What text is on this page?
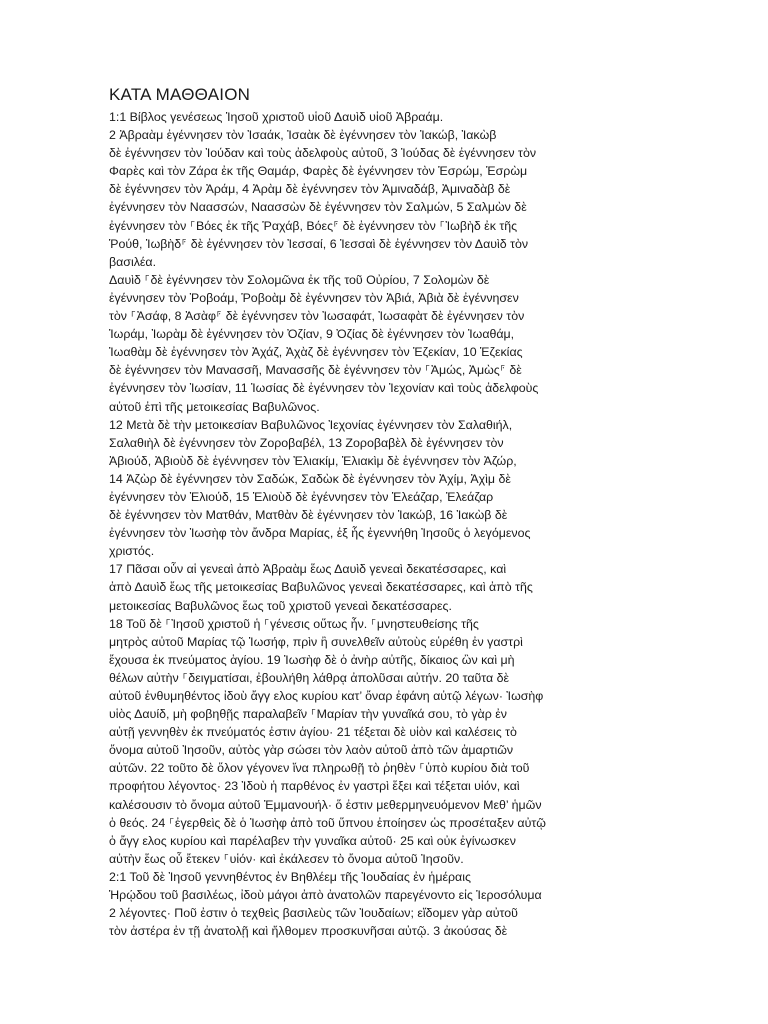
ΚΑΤΑ ΜΑΘΘΑΙΟΝ

1:1 Βίβλος γενέσεως Ἰησοῦ χριστοῦ υἱοῦ Δαυὶδ υἱοῦ Ἀβραάμ.

2 Ἀβραὰμ ἐγέννησεν τὸν Ἰσαάκ, Ἰσαὰκ δὲ ἐγέννησεν τὸν Ἰακώβ, Ἰακὼβ

δὲ ἐγέννησεν τὸν Ἰούδαν καὶ τοὺς ἀδελφοὺς αὐτοῦ, 3 Ἰούδας δὲ ἐγέννησεν τὸν

Φαρὲς καὶ τὸν Ζάρα ἐκ τῆς Θαμάρ, Φαρὲς δὲ ἐγέννησεν τὸν Ἑσρώμ, Ἑσρὼμ

δὲ ἐγέννησεν τὸν Ἀράμ, 4 Ἀρὰμ δὲ ἐγέννησεν τὸν Ἀμιναδάβ, Ἀμιναδὰβ δὲ

ἐγέννησεν τὸν Ναασσών, Ναασσὼν δὲ ἐγέννησεν τὸν Σαλμών, 5 Σαλμὼν δὲ

ἐγέννησεν τὸν ⸀Βόες ἐκ τῆς Ῥαχάβ, Βόες⸁ δὲ ἐγέννησεν τὸν ⸀Ἰωβὴδ ἐκ τῆς

Ῥούθ, Ἰωβὴδ⸁ δὲ ἐγέννησεν τὸν Ἰεσσαί, 6 Ἰεσσαὶ δὲ ἐγέννησεν τὸν Δαυὶδ τὸν

βασιλέα.

Δαυὶδ ⸀δὲ ἐγέννησεν τὸν Σολομῶνα ἐκ τῆς τοῦ Οὐρίου, 7 Σολομὼν δὲ

ἐγέννησεν τὸν Ῥοβοάμ, Ῥοβοὰμ δὲ ἐγέννησεν τὸν Ἀβιά, Ἀβιὰ δὲ ἐγέννησεν

τὸν ⸀Ἀσάφ, 8 Ἀσὰφ⸁ δὲ ἐγέννησεν τὸν Ἰωσαφάτ, Ἰωσαφὰτ δὲ ἐγέννησεν τὸν

Ἰωράμ, Ἰωρὰμ δὲ ἐγέννησεν τὸν Ὀζίαν, 9 Ὀζίας δὲ ἐγέννησεν τὸν Ἰωαθάμ,

Ἰωαθὰμ δὲ ἐγέννησεν τὸν Ἀχάζ, Ἀχὰζ δὲ ἐγέννησεν τὸν Ἑζεκίαν, 10 Ἑζεκίας

δὲ ἐγέννησεν τὸν Μανασσῆ, Μανασσῆς δὲ ἐγέννησεν τὸν ⸀Ἀμώς, Ἀμὼς⸁ δὲ

ἐγέννησεν τὸν Ἰωσίαν, 11 Ἰωσίας δὲ ἐγέννησεν τὸν Ἰεχονίαν καὶ τοὺς ἀδελφοὺς

αὐτοῦ ἐπὶ τῆς μετοικεσίας Βαβυλῶνος.

12 Μετὰ δὲ τὴν μετοικεσίαν Βαβυλῶνος Ἰεχονίας ἐγέννησεν τὸν Σαλαθιήλ,

Σαλαθιὴλ δὲ ἐγέννησεν τὸν Ζοροβαβέλ, 13 Ζοροβαβὲλ δὲ ἐγέννησεν τὸν

Ἀβιούδ, Ἀβιοὺδ δὲ ἐγέννησεν τὸν Ἐλιακίμ, Ἐλιακὶμ δὲ ἐγέννησεν τὸν Ἀζώρ,

14 Ἀζὼρ δὲ ἐγέννησεν τὸν Σαδώκ, Σαδὼκ δὲ ἐγέννησεν τὸν Ἀχίμ, Ἀχὶμ δὲ

ἐγέννησεν τὸν Ἐλιούδ, 15 Ἐλιοὺδ δὲ ἐγέννησεν τὸν Ἐλεάζαρ, Ἐλεάζαρ

δὲ ἐγέννησεν τὸν Ματθάν, Ματθὰν δὲ ἐγέννησεν τὸν Ἰακώβ, 16 Ἰακὼβ δὲ

ἐγέννησεν τὸν Ἰωσὴφ τὸν ἄνδρα Μαρίας, ἐξ ἧς ἐγεννήθη Ἰησοῦς ὁ λεγόμενος

χριστός.

17 Πᾶσαι οὖν αἱ γενεαὶ ἀπὸ Ἀβραὰμ ἕως Δαυὶδ γενεαὶ δεκατέσσαρες, καὶ

ἀπὸ Δαυὶδ ἕως τῆς μετοικεσίας Βαβυλῶνος γενεαὶ δεκατέσσαρες, καὶ ἀπὸ τῆς

μετοικεσίας Βαβυλῶνος ἕως τοῦ χριστοῦ γενεαὶ δεκατέσσαρες.

18 Τοῦ δὲ ⸀Ἰησοῦ χριστοῦ ἡ ⸀γένεσις οὕτως ἦν. ⸀μνηστευθείσης τῆς

μητρὸς αὐτοῦ Μαρίας τῷ Ἰωσήφ, πρὶν ἢ συνελθεῖν αὐτοὺς εὑρέθη ἐν γαστρὶ

ἔχουσα ἐκ πνεύματος ἁγίου. 19 Ἰωσὴφ δὲ ὁ ἀνὴρ αὐτῆς, δίκαιος ὢν καὶ μὴ

θέλων αὐτὴν ⸀δειγματίσαι, ἐβουλήθη λάθρᾳ ἀπολῦσαι αὐτήν. 20 ταῦτα δὲ

αὐτοῦ ἐνθυμηθέντος ἰδοὺ ἄγγ ελος κυρίου κατ’ ὄναρ ἐφάνη αὐτῷ λέγων· Ἰωσὴφ

υἱὸς Δαυίδ, μὴ φοβηθῇς παραλαβεῖν ⸀Μαρίαν τὴν γυναῖκά σου, τὸ γὰρ ἐν

αὐτῇ γεννηθὲν ἐκ πνεύματός ἐστιν ἁγίου· 21 τέξεται δὲ υἱὸν καὶ καλέσεις τὸ

ὄνομα αὐτοῦ Ἰησοῦν, αὐτὸς γὰρ σώσει τὸν λαὸν αὐτοῦ ἀπὸ τῶν ἁμαρτιῶν

αὐτῶν. 22 τοῦτο δὲ ὅλον γέγονεν ἵνα πληρωθῇ τὸ ῥηθὲν ⸀ὑπὸ κυρίου διὰ τοῦ

προφήτου λέγοντος· 23 Ἰδοὺ ἡ παρθένος ἐν γαστρὶ ἕξει καὶ τέξεται υἱόν, καὶ

καλέσουσιν τὸ ὄνομα αὐτοῦ Ἐμμανουήλ· ὅ ἐστιν μεθερμηνευόμενον Μεθ’ ἡμῶν

ὁ θεός. 24 ⸀ἐγερθεὶς δὲ ὁ Ἰωσὴφ ἀπὸ τοῦ ὕπνου ἐποίησεν ὡς προσέταξεν αὐτῷ

ὁ ἄγγ ελος κυρίου καὶ παρέλαβεν τὴν γυναῖκα αὐτοῦ· 25 καὶ οὐκ ἐγίνωσκεν

αὐτὴν ἕως οὗ ἔτεκεν ⸀υἱόν· καὶ ἐκάλεσεν τὸ ὄνομα αὐτοῦ Ἰησοῦν.

2:1 Τοῦ δὲ Ἰησοῦ γεννηθέντος ἐν Βηθλέεμ τῆς Ἰουδαίας ἐν ἡμέραις

Ἡρῴδου τοῦ βασιλέως, ἰδοὺ μάγοι ἀπὸ ἀνατολῶν παρεγένοντο εἰς Ἱεροσόλυμα

2 λέγοντες· Ποῦ ἐστιν ὁ τεχθεὶς βασιλεὺς τῶν Ἰουδαίων; εἴδομεν γὰρ αὐτοῦ

τὸν ἀστέρα ἐν τῇ ἀνατολῇ καὶ ἤλθομεν προσκυνῆσαι αὐτῷ. 3 ἀκούσας δὲ
